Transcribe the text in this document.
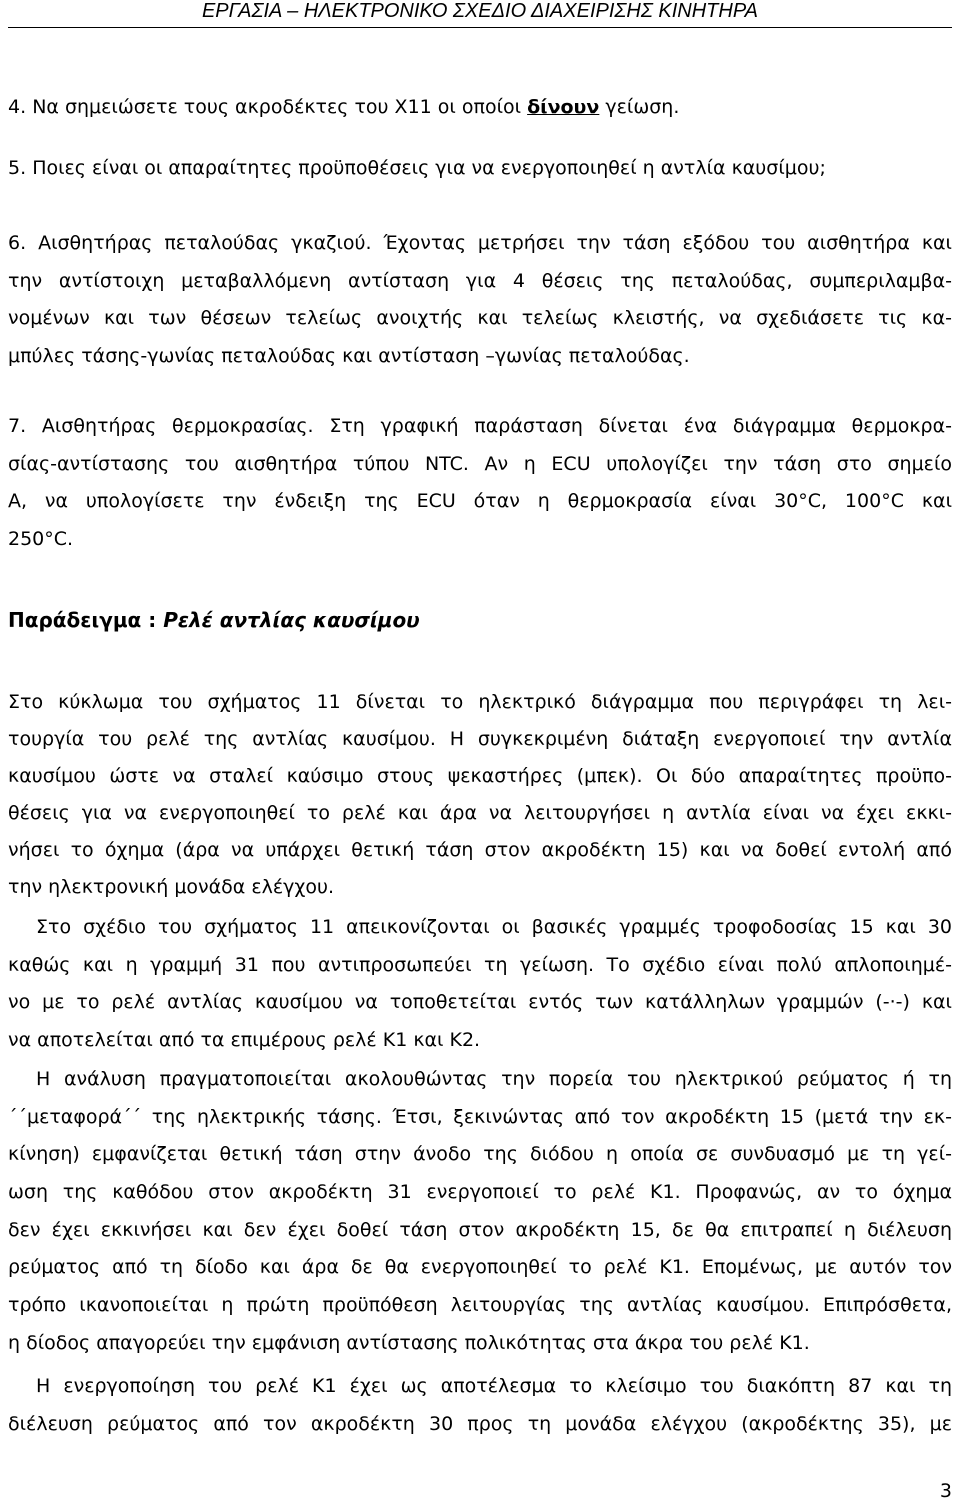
ΕΡΓΑΣΙΑ – ΗΛΕΚΤΡΟΝΙΚΟ ΣΧΕΔΙΟ ΔΙΑΧΕΙΡΙΣΗΣ ΚΙΝΗΤΗΡΑ
4. Να σημειώσετε τους ακροδέκτες του X11 οι οποίοι δίνουν γείωση.
5. Ποιες είναι οι απαραίτητες προϋποθέσεις για να ενεργοποιηθεί η αντλία καυσίμου;
6. Αισθητήρας πεταλούδας γκαζιού. Έχοντας μετρήσει την τάση εξόδου του αισθητήρα και
την αντίστοιχη μεταβαλλόμενη αντίσταση για 4 θέσεις της πεταλούδας, συμπεριλαμβα-
νομένων και των θέσεων τελείως ανοιχτής και τελείως κλειστής, να σχεδιάσετε τις κα-
μπύλες τάσης-γωνίας πεταλούδας και αντίσταση –γωνίας πεταλούδας.
7. Αισθητήρας θερμοκρασίας. Στη γραφική παράσταση δίνεται ένα διάγραμμα θερμοκρα-
σίας-αντίστασης του αισθητήρα τύπου NTC. Αν η ECU υπολογίζει την τάση στο σημείο
Α, να υπολογίσετε την ένδειξη της ECU όταν η θερμοκρασία είναι 30°C, 100°C και
250°C.
Παράδειγμα : Ρελέ αντλίας καυσίμου
Στο κύκλωμα του σχήματος 11 δίνεται το ηλεκτρικό διάγραμμα που περιγράφει τη λει-
τουργία του ρελέ της αντλίας καυσίμου. Η συγκεκριμένη διάταξη ενεργοποιεί την αντλία
καυσίμου ώστε να σταλεί καύσιμο στους ψεκαστήρες (μπεκ). Οι δύο απαραίτητες προϋπο-
θέσεις για να ενεργοποιηθεί το ρελέ και άρα να λειτουργήσει η αντλία είναι να έχει εκκι-
νήσει το όχημα (άρα να υπάρχει θετική τάση στον ακροδέκτη 15) και να δοθεί εντολή από
την ηλεκτρονική μονάδα ελέγχου.
Στο σχέδιο του σχήματος 11 απεικονίζονται οι βασικές γραμμές τροφοδοσίας 15 και 30
καθώς και η γραμμή 31 που αντιπροσωπεύει τη γείωση. Το σχέδιο είναι πολύ απλοποιημέ-
νο με το ρελέ αντλίας καυσίμου να τοποθετείται εντός των κατάλληλων γραμμών (-·-) και
να αποτελείται από τα επιμέρους ρελέ K1 και K2.
Η ανάλυση πραγματοποιείται ακολουθώντας την πορεία του ηλεκτρικού ρεύματος ή τη
΄΄μεταφορά΄΄ της ηλεκτρικής τάσης. Έτσι, ξεκινώντας από τον ακροδέκτη 15 (μετά την εκ-
κίνηση) εμφανίζεται θετική τάση στην άνοδο της διόδου η οποία σε συνδυασμό με τη γεί-
ωση της καθόδου στον ακροδέκτη 31 ενεργοποιεί το ρελέ K1. Προφανώς, αν το όχημα
δεν έχει εκκινήσει και δεν έχει δοθεί τάση στον ακροδέκτη 15, δε θα επιτραπεί η διέλευση
ρεύματος από τη δίοδο και άρα δε θα ενεργοποιηθεί το ρελέ K1. Επομένως, με αυτόν τον
τρόπο ικανοποιείται η πρώτη προϋπόθεση λειτουργίας της αντλίας καυσίμου. Επιπρόσθετα,
η δίοδος απαγορεύει την εμφάνιση αντίστασης πολικότητας στα άκρα του ρελέ K1.
Η ενεργοποίηση του ρελέ K1 έχει ως αποτέλεσμα το κλείσιμο του διακόπτη 87 και τη
διέλευση ρεύματος από τον ακροδέκτη 30 προς τη μονάδα ελέγχου (ακροδέκτης 35), με
3
